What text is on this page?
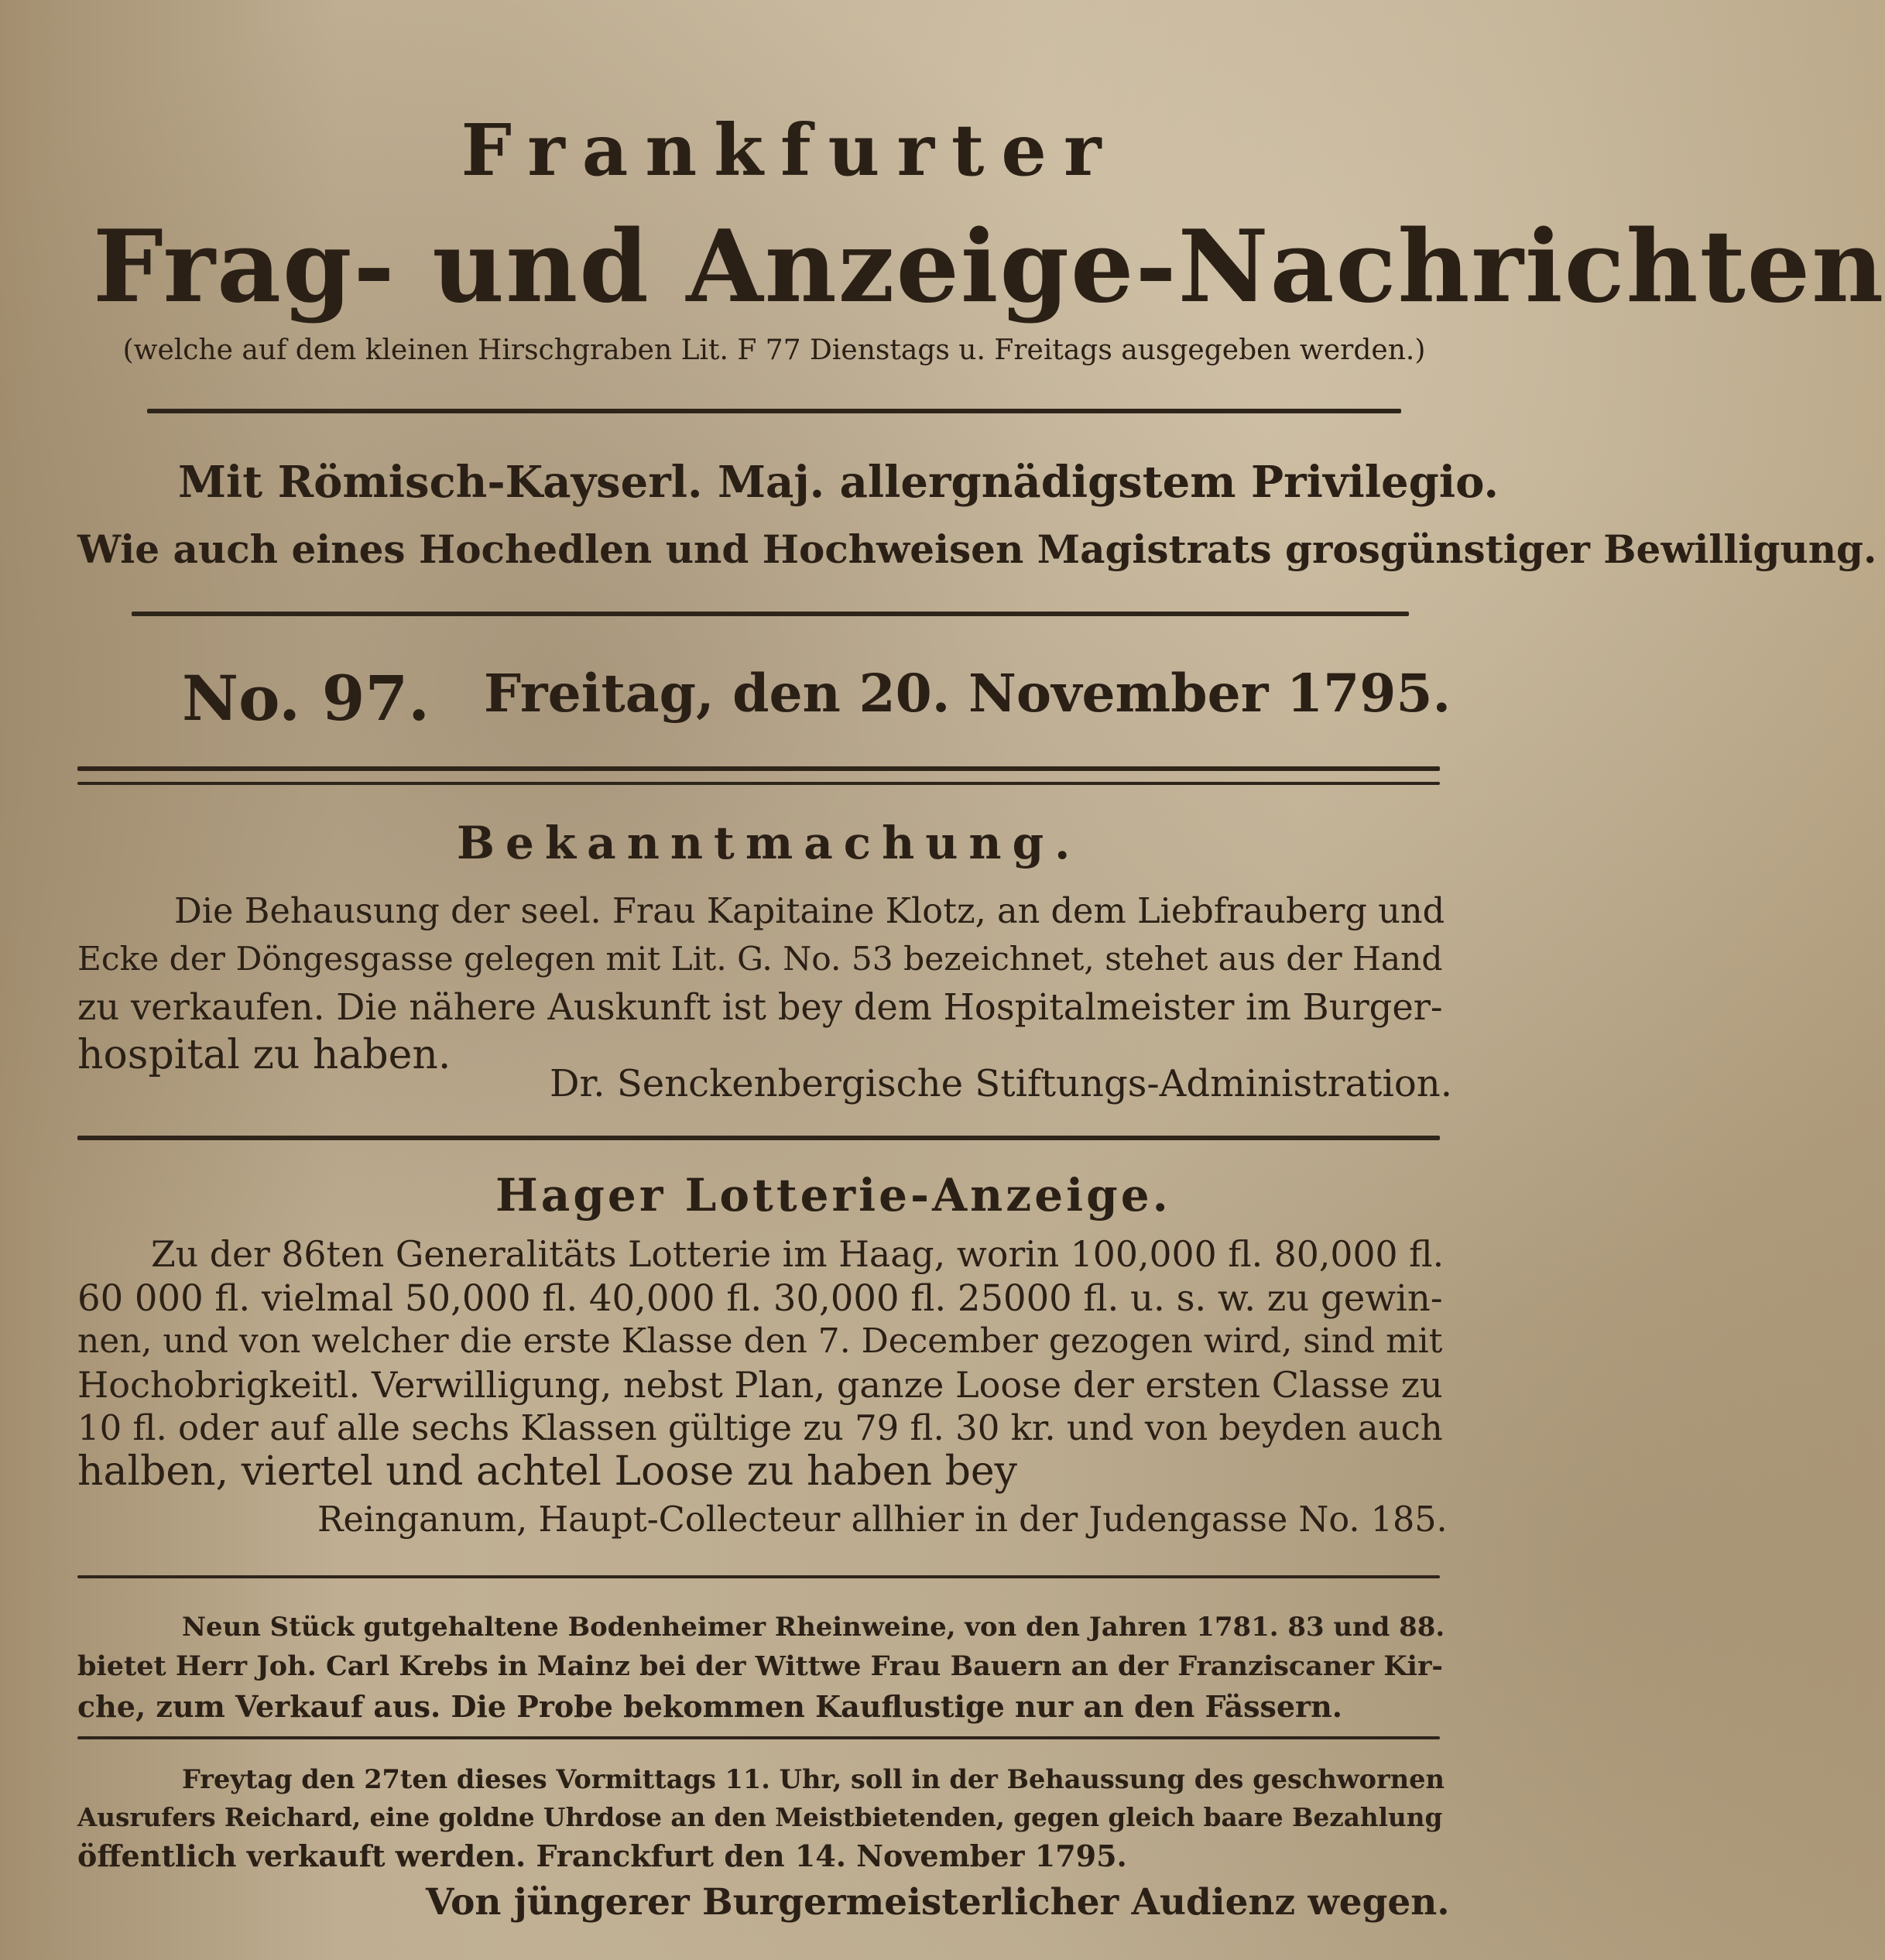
Frankfurter
Frag- und Anzeige-Nachrichten
(welche auf dem kleinen Hirschgraben Lit. F 77 Dienstags u. Freitags ausgegeben werden.)
Mit Römisch-Kayserl. Maj. allergnädigstem Privilegio.
Wie auch eines Hochedlen und Hochweisen Magistrats grosgünstiger Bewilligung.
No. 97. Freitag, den 20. November 1795.
Bekanntmachung.
Die Behausung der seel. Frau Kapitaine Klotz, an dem Liebfrauberg und
Ecke der Döngesgasse gelegen mit Lit. G. No. 53 bezeichnet, stehet aus der Hand
zu verkaufen. Die nähere Auskunft ist bey dem Hospitalmeister im Burger-
hospital zu haben.
Dr. Senckenbergische Stiftungs-Administration.
Hager Lotterie-Anzeige.
Zu der 86ten Generalitäts Lotterie im Haag, worin 100,000 fl. 80,000 fl.
60 000 fl. vielmal 50,000 fl. 40,000 fl. 30,000 fl. 25000 fl. u. s. w. zu gewin-
nen, und von welcher die erste Klasse den 7. December gezogen wird, sind mit
Hochobrigkeitl. Verwilligung, nebst Plan, ganze Loose der ersten Classe zu
10 fl. oder auf alle sechs Klassen gültige zu 79 fl. 30 kr. und von beyden auch
halben, viertel und achtel Loose zu haben bey
Reinganum, Haupt-Collecteur allhier in der Judengasse No. 185.
Neun Stück gutgehaltene Bodenheimer Rheinweine, von den Jahren 1781. 83 und 88.
bietet Herr Joh. Carl Krebs in Mainz bei der Wittwe Frau Bauern an der Franziscaner Kir-
che, zum Verkauf aus. Die Probe bekommen Kauflustige nur an den Fässern.
Freytag den 27ten dieses Vormittags 11. Uhr, soll in der Behaussung des geschwornen
Ausrufers Reichard, eine goldne Uhrdose an den Meistbietenden, gegen gleich baare Bezahlung
öffentlich verkauft werden. Franckfurt den 14. November 1795.
Von jüngerer Burgermeisterlicher Audienz wegen.
